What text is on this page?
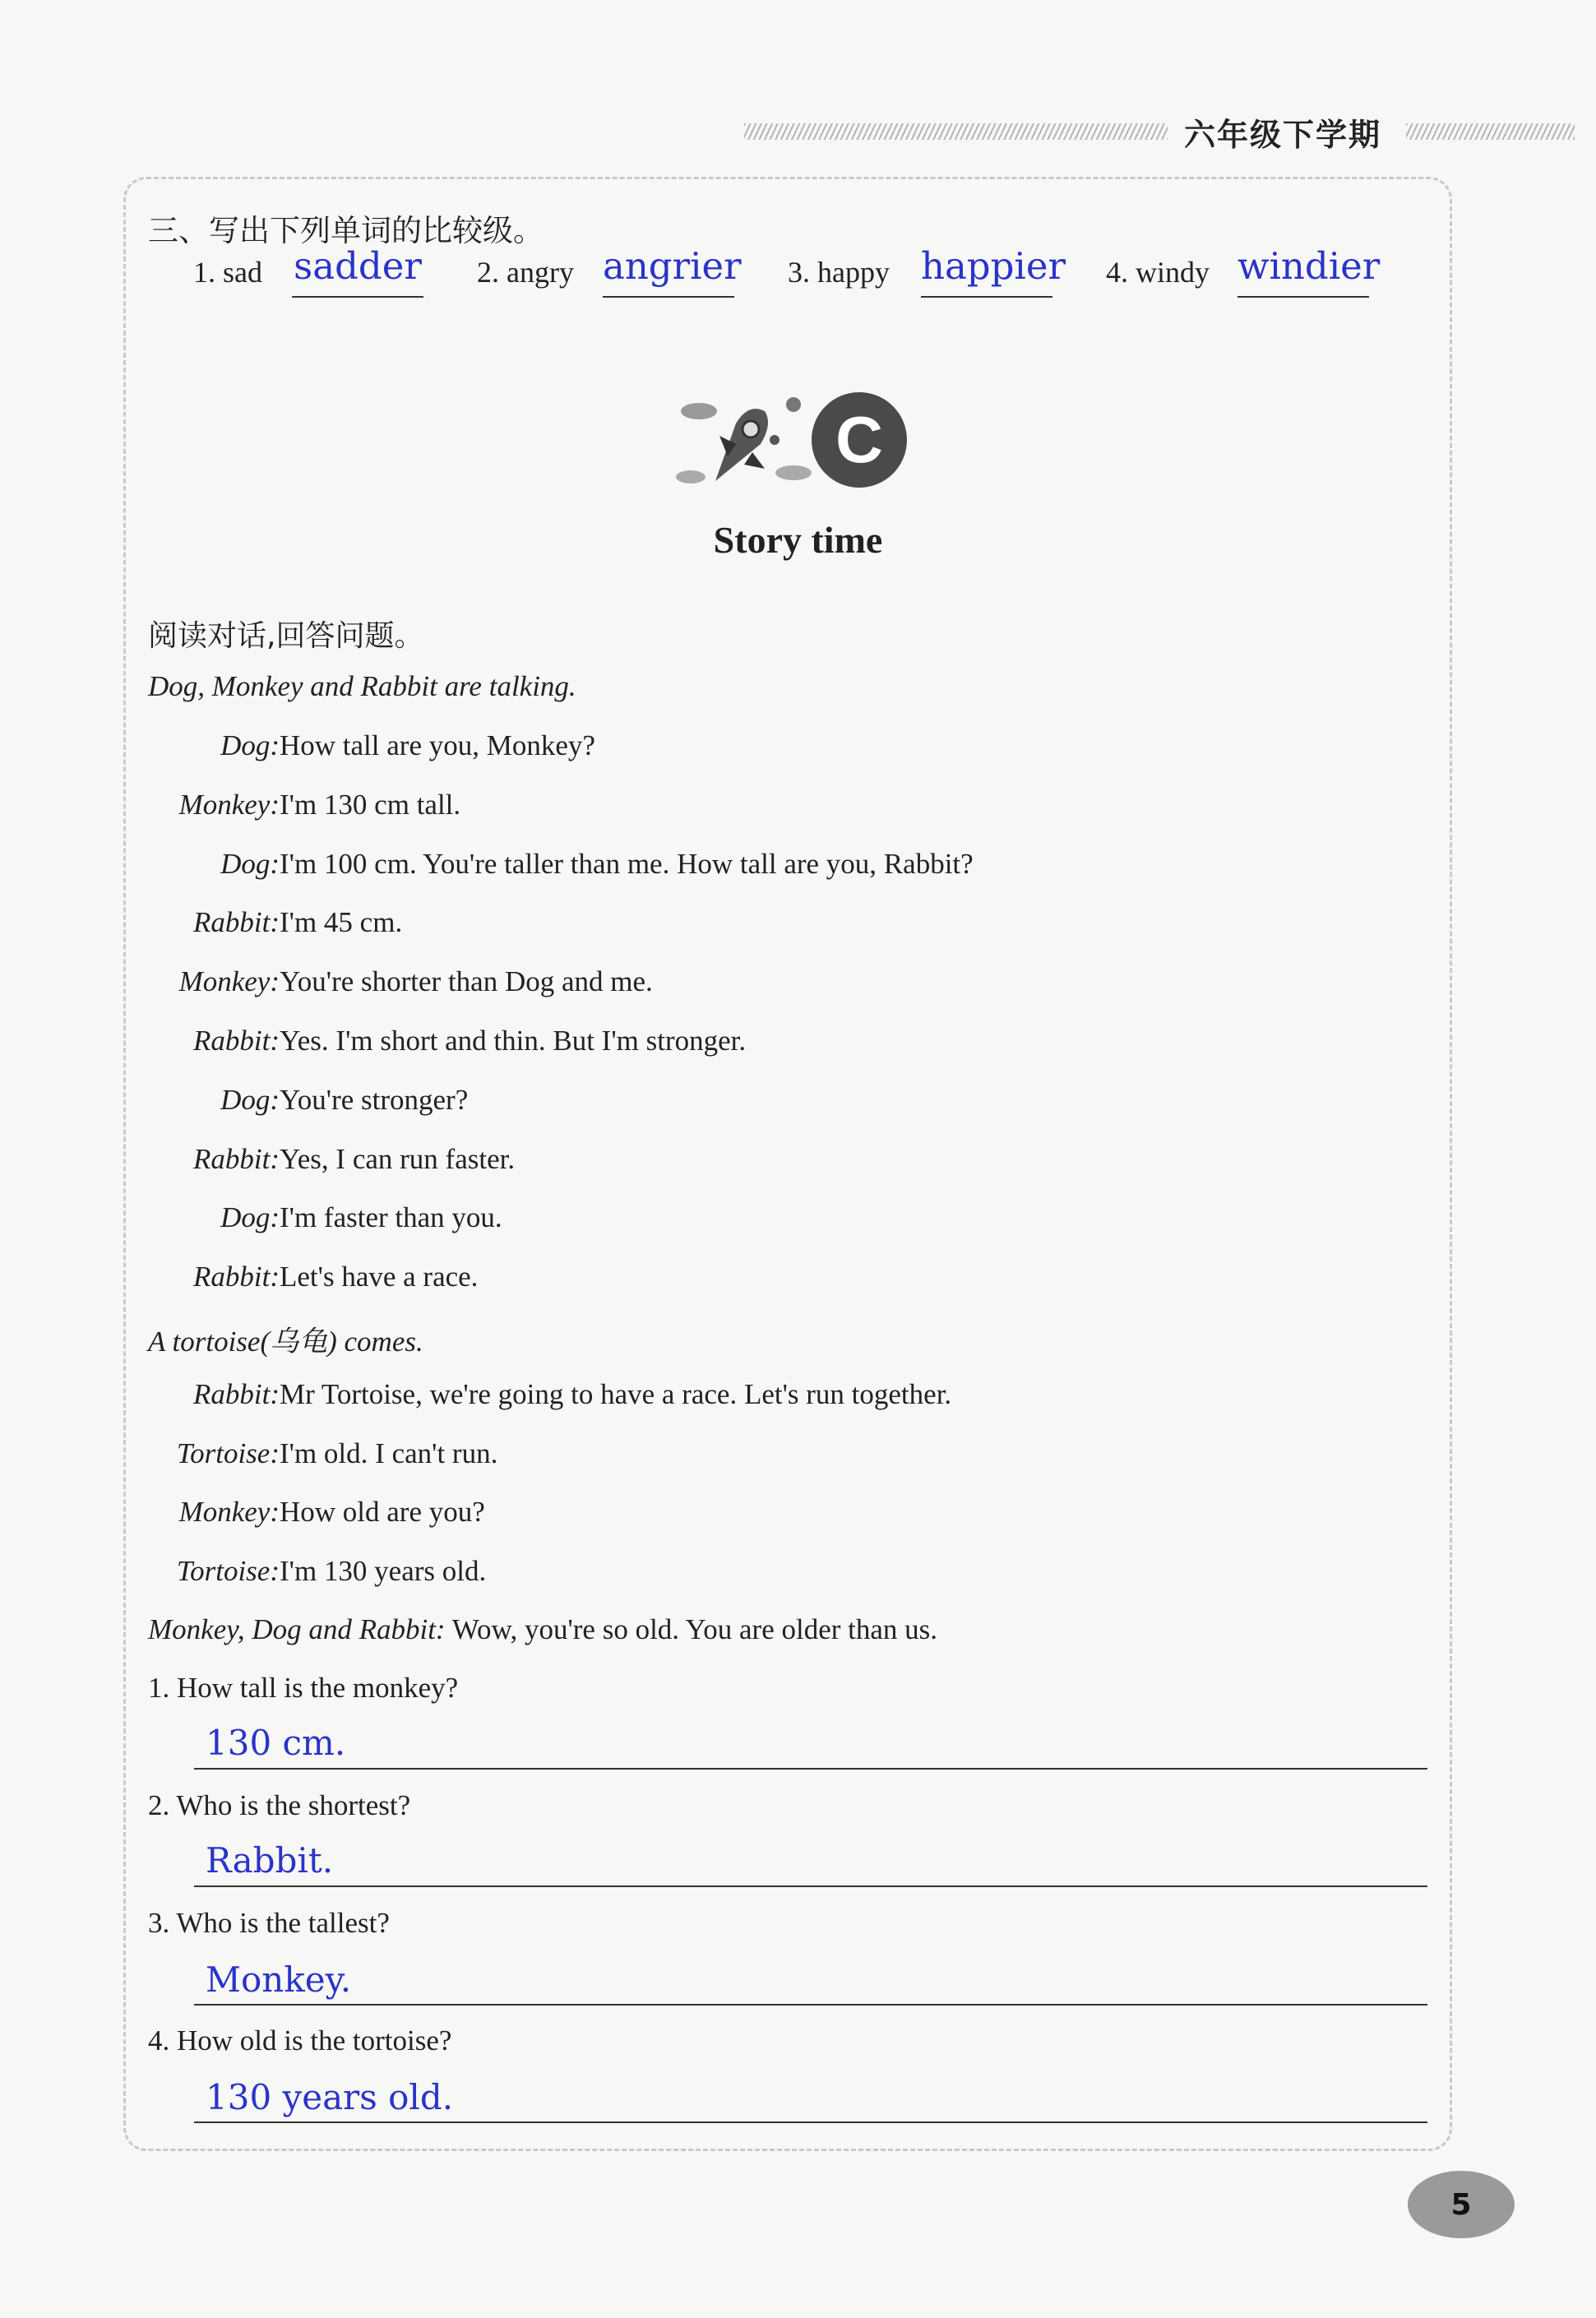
六年级下学期
三、写出下列单词的比较级。
1. sad sadder 2. angry angrier 3. happy happier 4. windy windier
C
Story time
阅读对话,回答问题。
Dog, Monkey and Rabbit are talking.
Dog: How tall are you, Monkey?
Monkey: I'm 130 cm tall.
Dog: I'm 100 cm. You're taller than me. How tall are you, Rabbit?
Rabbit: I'm 45 cm.
Monkey: You're shorter than Dog and me.
Rabbit: Yes. I'm short and thin. But I'm stronger.
Dog: You're stronger?
Rabbit: Yes, I can run faster.
Dog: I'm faster than you.
Rabbit: Let's have a race.
A tortoise(乌龟) comes.
Rabbit: Mr Tortoise, we're going to have a race. Let's run together.
Tortoise: I'm old. I can't run.
Monkey: How old are you?
Tortoise: I'm 130 years old.
Monkey, Dog and Rabbit: Wow, you're so old. You are older than us.
1. How tall is the monkey?
130 cm.
2. Who is the shortest?
Rabbit.
3. Who is the tallest?
Monkey.
4. How old is the tortoise?
130 years old.
5
